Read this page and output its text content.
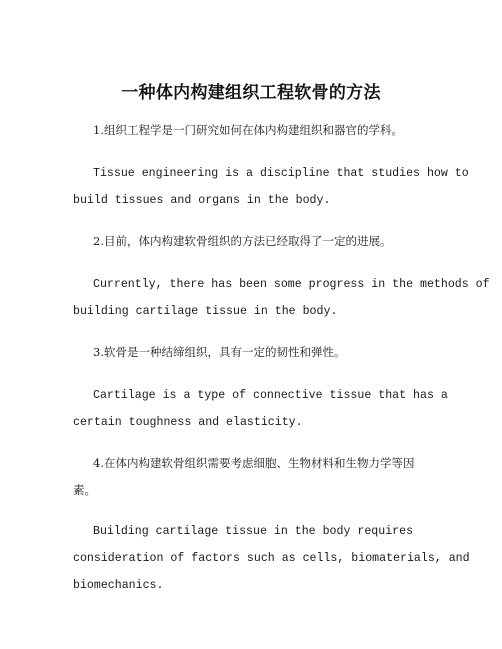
一种体内构建组织工程软骨的方法
1.组织工程学是一门研究如何在体内构建组织和器官的学科。
Tissue engineering is a discipline that studies how to
build tissues and organs in the body.
2.目前，体内构建软骨组织的方法已经取得了一定的进展。
Currently, there has been some progress in the methods of
building cartilage tissue in the body.
3.软骨是一种结缔组织，具有一定的韧性和弹性。
Cartilage is a type of connective tissue that has a
certain toughness and elasticity.
4.在体内构建软骨组织需要考虑细胞、生物材料和生物力学等因
素。
Building cartilage tissue in the body requires
consideration of factors such as cells, biomaterials, and
biomechanics.
